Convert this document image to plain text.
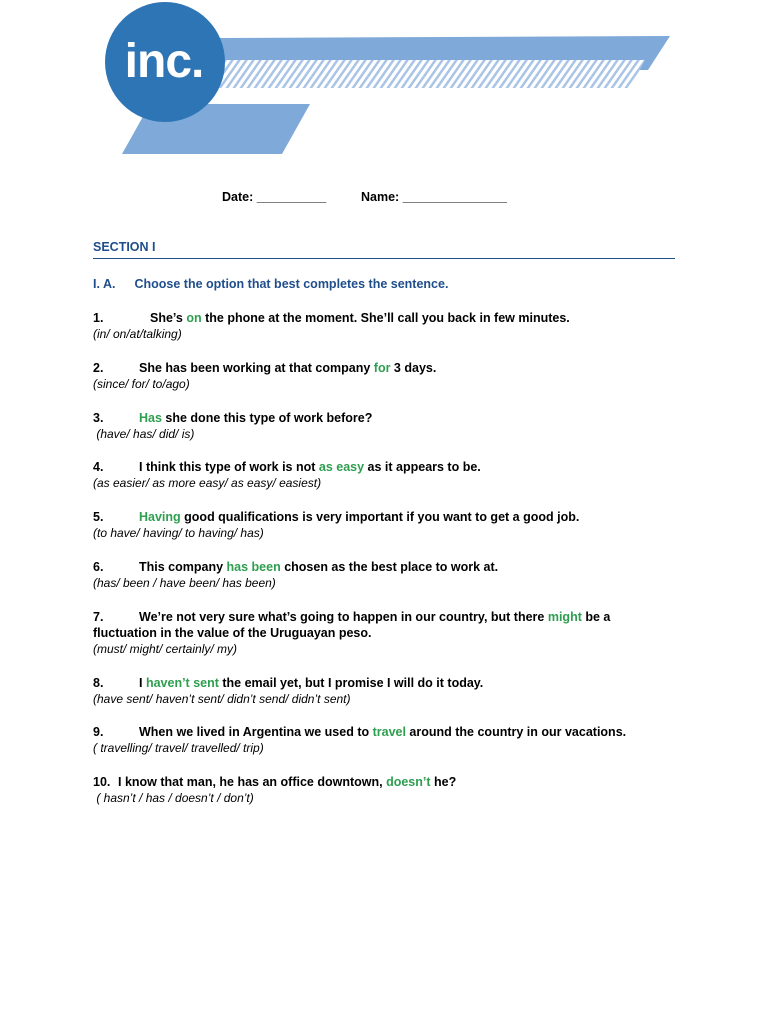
inc.
Date: __________	Name: _______________
SECTION I
I. A. Choose the option that best completes the sentence.
1.	She’s on the phone at the moment. She’ll call you back in few minutes.
(in/ on/at/talking)
2.	She has been working at that company for 3 days.
(since/ for/ to/ago)
3.	Has she done this type of work before?
(have/ has/ did/ is)
4.	I think this type of work is not as easy as it appears to be.
(as easier/ as more easy/ as easy/ easiest)
5.	Having good qualifications is very important if you want to get a good job.
(to have/ having/ to having/ has)
6.	This company has been chosen as the best place to work at.
(has/ been / have been/ has been)
7.	We’re not very sure what’s going to happen in our country, but there might be a
fluctuation in the value of the Uruguayan peso.
(must/ might/ certainly/ my)
8.	I haven’t sent the email yet, but I promise I will do it today.
(have sent/ haven’t sent/ didn’t send/ didn’t sent)
9.	When we lived in Argentina we used to travel around the country in our vacations.
( travelling/ travel/ travelled/ trip)
10. I know that man, he has an office downtown, doesn’t he?
( hasn’t / has / doesn’t / don’t)
